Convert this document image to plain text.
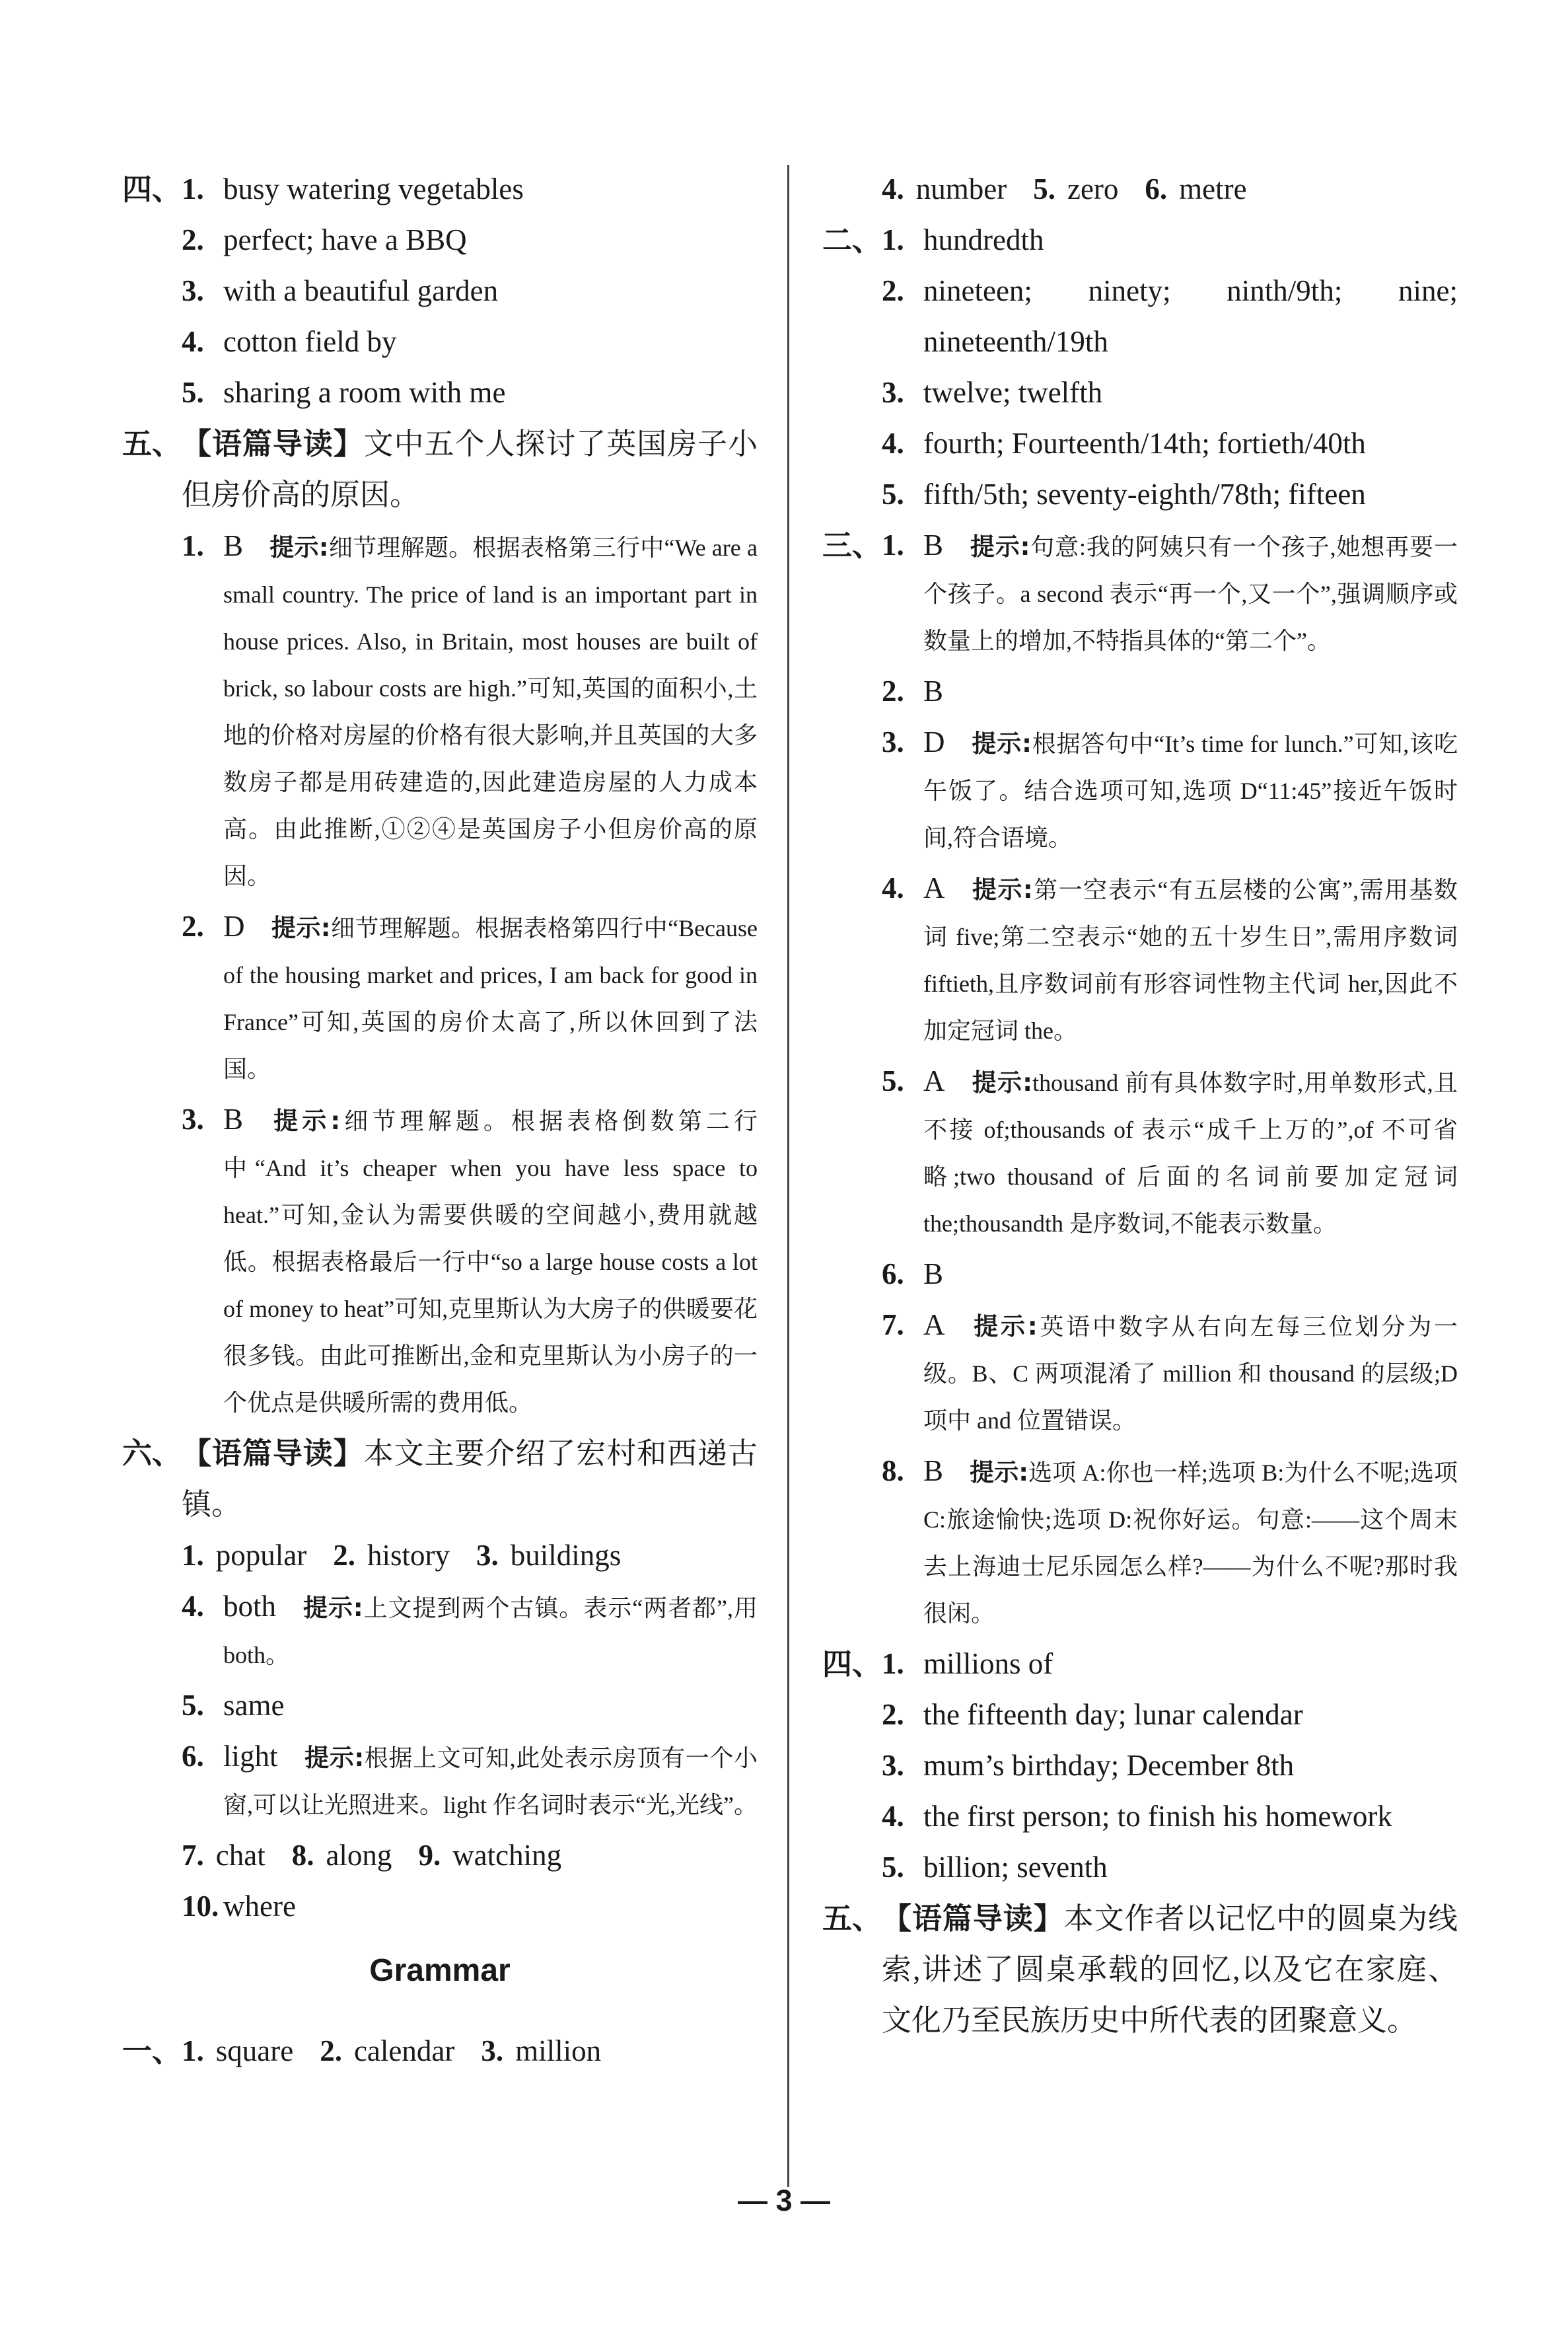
四、 1. busy watering vegetables
2. perfect; have a BBQ
3. with a beautiful garden
4. cotton field by
5. sharing a room with me
五、 【语篇导读】文中五个人探讨了英国房子小但房价高的原因。
1. B 提示:细节理解题。根据表格第三行中“We are a small country. The price of land is an important part in house prices. Also, in Britain, most houses are built of brick, so labour costs are high.”可知,英国的面积小,土地的价格对房屋的价格有很大影响,并且英国的大多数房子都是用砖建造的,因此建造房屋的人力成本高。由此推断,①②④是英国房子小但房价高的原因。
2. D 提示:细节理解题。根据表格第四行中“Because of the housing market and prices, I am back for good in France”可知,英国的房价太高了,所以休回到了法国。
3. B 提示:细节理解题。根据表格倒数第二行中“And it’s cheaper when you have less space to heat.”可知,金认为需要供暖的空间越小,费用就越低。根据表格最后一行中“so a large house costs a lot of money to heat”可知,克里斯认为大房子的供暖要花很多钱。由此可推断出,金和克里斯认为小房子的一个优点是供暖所需的费用低。
六、 【语篇导读】本文主要介绍了宏村和西递古镇。
1. popular 2. history 3. buildings
4. both 提示:上文提到两个古镇。表示“两者都”,用 both。
5. same
6. light 提示:根据上文可知,此处表示房顶有一个小窗,可以让光照进来。light 作名词时表示“光,光线”。
7. chat 8. along 9. watching
10. where
Grammar
一、 1. square 2. calendar 3. million
4. number 5. zero 6. metre
二、 1. hundredth
2. nineteen; ninety; ninth/9th; nine; nineteenth/19th
3. twelve; twelfth
4. fourth; Fourteenth/14th; fortieth/40th
5. fifth/5th; seventy-eighth/78th; fifteen
三、 1. B 提示:句意:我的阿姨只有一个孩子,她想再要一个孩子。a second 表示“再一个,又一个”,强调顺序或数量上的增加,不特指具体的“第二个”。
2. B
3. D 提示:根据答句中“It’s time for lunch.”可知,该吃午饭了。结合选项可知,选项 D“11:45”接近午饭时间,符合语境。
4. A 提示:第一空表示“有五层楼的公寓”,需用基数词 five;第二空表示“她的五十岁生日”,需用序数词 fiftieth,且序数词前有形容词性物主代词 her,因此不加定冠词 the。
5. A 提示:thousand 前有具体数字时,用单数形式,且不接 of;thousands of 表示“成千上万的”,of 不可省略;two thousand of 后面的名词前要加定冠词 the;thousandth 是序数词,不能表示数量。
6. B
7. A 提示:英语中数字从右向左每三位划分为一级。B、C 两项混淆了 million 和 thousand 的层级;D 项中 and 位置错误。
8. B 提示:选项 A:你也一样;选项 B:为什么不呢;选项 C:旅途愉快;选项 D:祝你好运。句意:——这个周末去上海迪士尼乐园怎么样?——为什么不呢?那时我很闲。
四、 1. millions of
2. the fifteenth day; lunar calendar
3. mum’s birthday; December 8th
4. the first person; to finish his homework
5. billion; seventh
五、 【语篇导读】本文作者以记忆中的圆桌为线索,讲述了圆桌承载的回忆,以及它在家庭、文化乃至民族历史中所代表的团聚意义。
— 3 —
